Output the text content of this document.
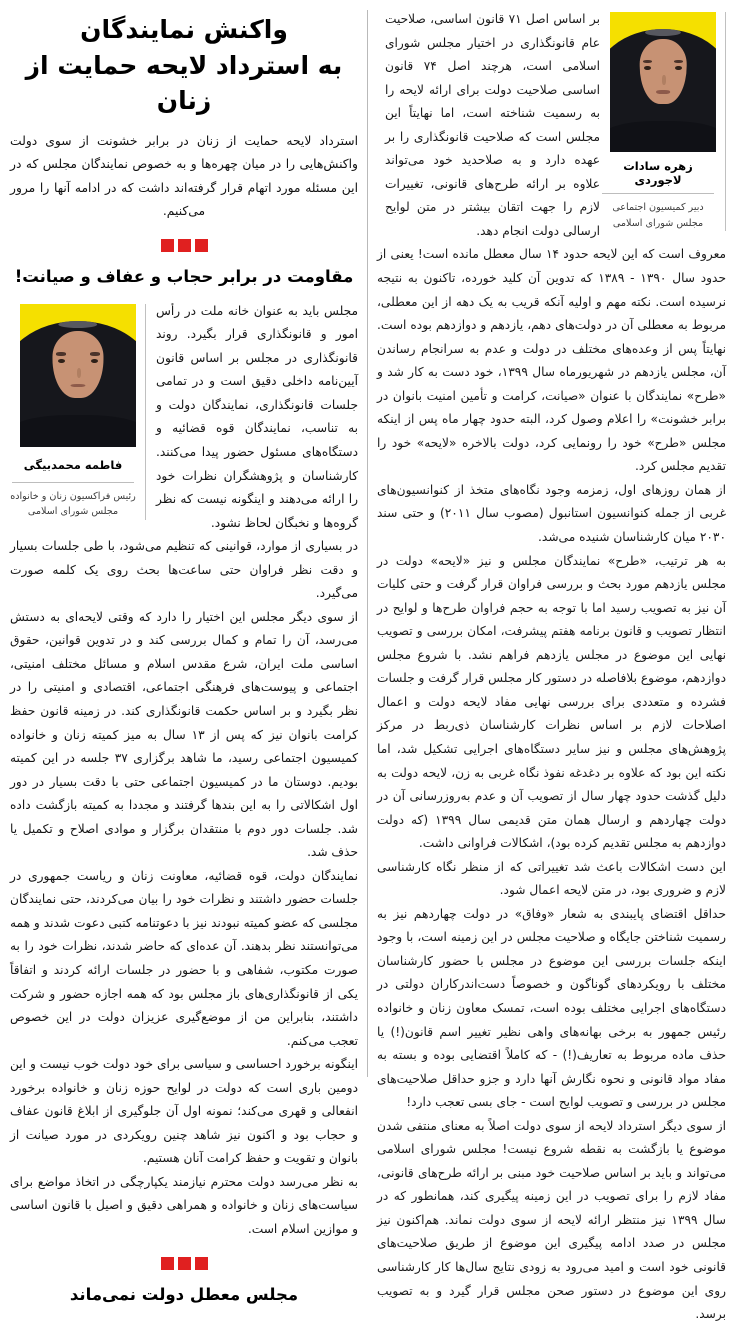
واکنش نمایندگان
به استرداد لایحه حمایت از زنان

استرداد لایحه حمایت از زنان در برابر خشونت از سوی دولت واکنش‌هایی را در میان چهره‌ها و به خصوص نمایندگان مجلس که در این مسئله مورد اتهام قرار گرفته‌اند داشت که در ادامه آنها را مرور می‌کنیم.

مقاومت در برابر حجاب و عفاف و صیانت!
فاطمه محمدبیگی
رئیس فراکسیون زنان و خانواده
مجلس شورای اسلامی

مجلس باید به عنوان خانه ملت در رأس امور و قانونگذاری قرار بگیرد. روند قانونگذاری در مجلس بر اساس قانون آیین‌نامه داخلی دقیق است و در تمامی جلسات قانونگذاری، نمایندگان دولت و به تناسب، نمایندگان قوه قضائیه و دستگاه‌های مسئول حضور پیدا می‌کنند. کارشناسان و پژوهشگران نظرات خود را ارائه می‌دهند و اینگونه نیست که نظر گروه‌ها و نخبگان لحاظ نشود.

در بسیاری از موارد، قوانینی که تنظیم می‌شود، با طی جلسات بسیار و دقت نظر فراوان حتی ساعت‌ها بحث روی یک کلمه صورت می‌گیرد.

از سوی دیگر مجلس این اختیار را دارد که وقتی لایحه‌ای به دستش می‌رسد، آن را تمام و کمال بررسی کند و در تدوین قوانین، حقوق اساسی ملت ایران، شرع مقدس اسلام و مسائل مختلف امنیتی، اجتماعی و پیوست‌های فرهنگی اجتماعی، اقتصادی و امنیتی را در نظر بگیرد و بر اساس حکمت قانونگذاری کند. در زمینه قانون حفظ کرامت بانوان نیز که پس از ۱۳ سال به میز کمیته زنان و خانواده کمیسیون اجتماعی رسید، ما شاهد برگزاری ۳۷ جلسه در این کمیته بودیم. دوستان ما در کمیسیون اجتماعی حتی با دقت بسیار در دور اول اشکالاتی را به این بندها گرفتند و مجددا به کمیته بازگشت داده شد. جلسات دور دوم با منتقدان برگزار و موادی اصلاح و تکمیل یا حذف شد.

نمایندگان دولت، قوه قضائیه، معاونت زنان و ریاست جمهوری در جلسات حضور داشتند و نظرات خود را بیان می‌کردند، حتی نمایندگان مجلسی که عضو کمیته نبودند نیز با دعوتنامه کتبی دعوت شدند و همه می‌توانستند نظر بدهند. آن عده‌ای که حاضر شدند، نظرات خود را به صورت مکتوب، شفاهی و با حضور در جلسات ارائه کردند و اتفاقاً یکی از قانونگذاری‌های باز مجلس بود که همه اجازه حضور و شرکت داشتند، بنابراین من از موضع‌گیری عزیزان دولت در این خصوص تعجب می‌کنم.

اینگونه برخورد احساسی و سیاسی برای خود دولت خوب نیست و این دومین باری است که دولت در لوایح حوزه زنان و خانواده برخورد انفعالی و قهری می‌کند؛ نمونه اول آن جلوگیری از ابلاغ قانون عفاف و حجاب بود و اکنون نیز شاهد چنین رویکردی در مورد صیانت از بانوان و تقویت و حفظ کرامت آنان هستیم.

به نظر می‌رسد دولت محترم نیازمند یکپارچگی در اتخاذ مواضع برای سیاست‌های زنان و خانواده و همراهی دقیق و اصیل با قانون اساسی و موازین اسلام است.

مجلس معطل دولت نمی‌ماند

بر اساس اصل ۷۱ قانون اساسی، صلاحیت عام قانونگذاری در اختیار مجلس شورای اسلامی است، هرچند اصل ۷۴ قانون اساسی صلاحیت دولت برای ارائه لایحه را به رسمیت شناخته است، اما نهایتاً این مجلس است که صلاحیت قانونگذاری را بر عهده دارد و به صلاحدید خود می‌تواند علاوه بر ارائه طرح‌های قانونی، تغییرات لازم را جهت اتقان بیشتر در متن لوایح ارسالی دولت انجام دهد.

زهره سادات لاجوردی
دبیر کمیسیون اجتماعی
مجلس شورای اسلامی

معروف است که این لایحه حدود ۱۴ سال معطل مانده است! یعنی از حدود سال ۱۳۹۰ - ۱۳۸۹ که تدوین آن کلید خورده، تاکنون به نتیجه نرسیده است. نکته مهم و اولیه آنکه قریب به یک دهه از این معطلی، مربوط به معطلی آن در دولت‌های دهم، یازدهم و دوازدهم بوده است. نهایتاً پس از وعده‌های مختلف در دولت و عدم به سرانجام رساندن آن، مجلس یازدهم در شهریورماه سال ۱۳۹۹، خود دست به کار شد و «طرح» نمایندگان با عنوان «صیانت، کرامت و تأمین امنیت بانوان در برابر خشونت» را اعلام وصول کرد، البته حدود چهار ماه پس از اینکه مجلس «طرح» خود را رونمایی کرد، دولت بالاخره «لایحه» خود را تقدیم مجلس کرد.

از همان روزهای اول، زمزمه وجود نگاه‌های متخذ از کنوانسیون‌های غربی از جمله کنوانسیون استانبول (مصوب سال ۲۰۱۱) و حتی سند ۲۰۳۰ میان کارشناسان شنیده می‌شد.

به هر ترتیب، «طرح» نمایندگان مجلس و نیز «لایحه» دولت در مجلس یازدهم مورد بحث و بررسی فراوان قرار گرفت و حتی کلیات آن نیز به تصویب رسید اما با توجه به حجم فراوان طرح‌ها و لوایح در انتظار تصویب و قانون برنامه هفتم پیشرفت، امکان بررسی و تصویب نهایی این موضوع در مجلس یازدهم فراهم نشد. با شروع مجلس دوازدهم، موضوع بلافاصله در دستور کار مجلس قرار گرفت و جلسات فشرده و متعددی برای بررسی نهایی مفاد لایحه دولت و اعمال اصلاحات لازم بر اساس نظرات کارشناسان ذی‌ربط در مرکز پژوهش‌های مجلس و نیز سایر دستگاه‌های اجرایی تشکیل شد، اما نکته این بود که علاوه بر دغدغه نفوذ نگاه غربی به زن، لایحه دولت به دلیل گذشت حدود چهار سال از تصویب آن و عدم به‌روزرسانی آن در دولت چهاردهم و ارسال همان متن قدیمی سال ۱۳۹۹ (که دولت دوازدهم به مجلس تقدیم کرده بود)، اشکالات فراوانی داشت.

این دست اشکالات باعث شد تغییراتی که از منظر نگاه کارشناسی لازم و ضروری بود، در متن لایحه اعمال شود.

حداقل اقتضای پایبندی به شعار «وفاق» در دولت چهاردهم نیز به رسمیت شناختن جایگاه و صلاحیت مجلس در این زمینه است، با وجود اینکه جلسات بررسی این موضوع در مجلس با حضور کارشناسان مختلف با رویکردهای گوناگون و خصوصاً دست‌اندرکاران دولتی در دستگاه‌های اجرایی مختلف بوده است، تمسک معاون زنان و خانواده رئیس جمهور به برخی بهانه‌های واهی نظیر تغییر اسم قانون(!) یا حذف ماده مربوط به تعاریف(!) - که کاملاً اقتضایی بوده و بسته به مفاد مواد قانونی و نحوه نگارش آنها دارد و جزو حداقل صلاحیت‌های مجلس در بررسی و تصویب لوایح است - جای بسی تعجب دارد!

از سوی دیگر استرداد لایحه از سوی دولت اصلاً به معنای منتفی شدن موضوع یا بازگشت به نقطه شروع نیست! مجلس شورای اسلامی می‌تواند و باید بر اساس صلاحیت خود مبنی بر ارائه طرح‌های قانونی، مفاد لازم را برای تصویب در این زمینه پیگیری کند، همانطور که در سال ۱۳۹۹ نیز منتظر ارائه لایحه از سوی دولت نماند. هم‌اکنون نیز مجلس در صدد ادامه پیگیری این موضوع از طریق صلاحیت‌های قانونی خود است و امید می‌رود به زودی نتایج سال‌ها کار کارشناسی روی این موضوع در دستور صحن مجلس قرار گیرد و به تصویب برسد.
